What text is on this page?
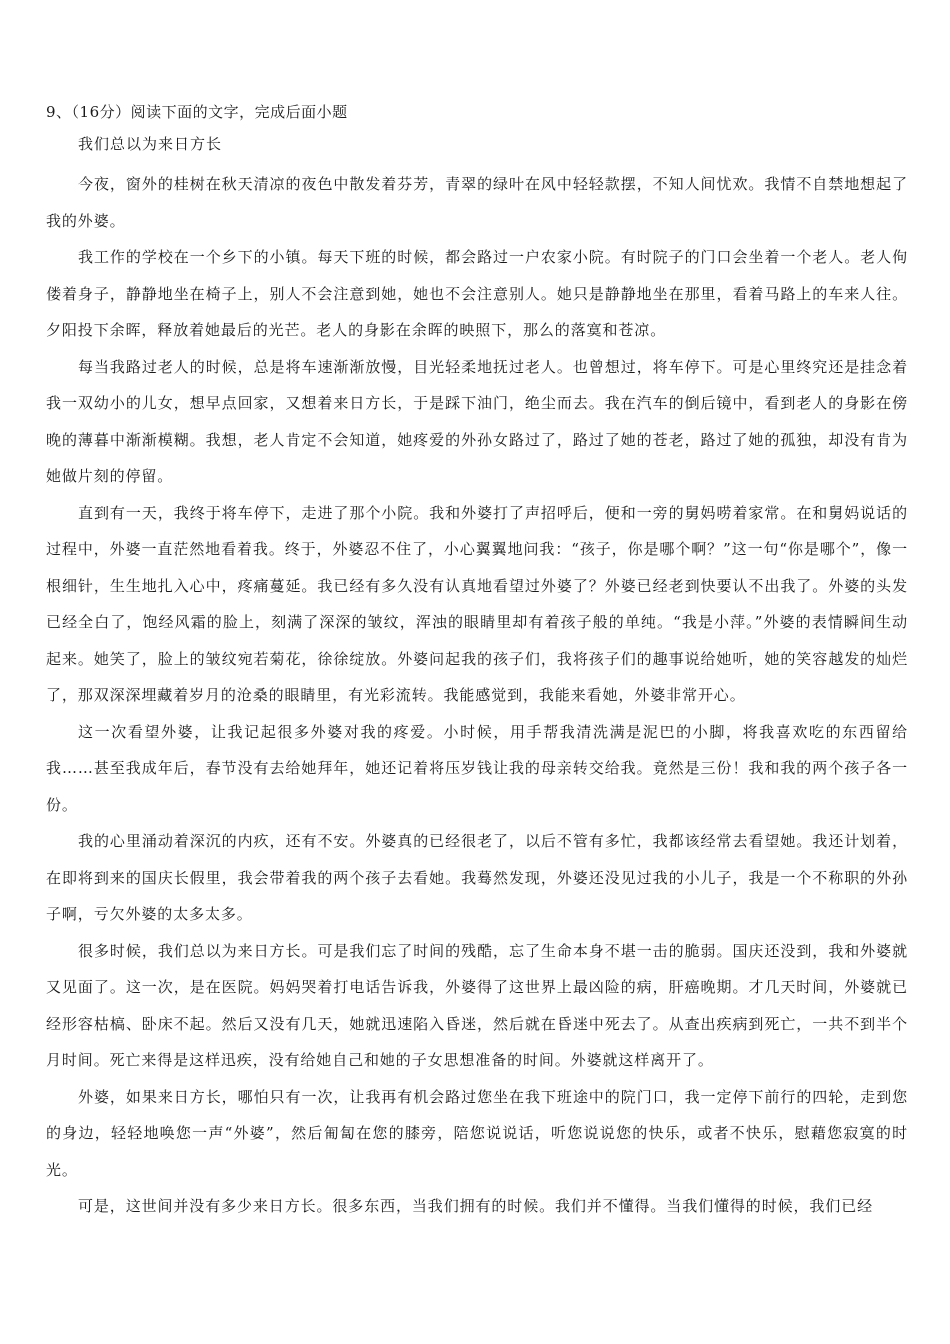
9、（16分）阅读下面的文字，完成后面小题
我们总以为来日方长

今夜，窗外的桂树在秋天清凉的夜色中散发着芬芳，青翠的绿叶在风中轻轻款摆，不知人间忧欢。我情不自禁地想起了我的外婆。

我工作的学校在一个乡下的小镇。每天下班的时候，都会路过一户农家小院。有时院子的门口会坐着一个老人。老人佝偻着身子，静静地坐在椅子上，别人不会注意到她，她也不会注意别人。她只是静静地坐在那里，看着马路上的车来人往。夕阳投下余晖，释放着她最后的光芒。老人的身影在余晖的映照下，那么的落寞和苍凉。

每当我路过老人的时候，总是将车速渐渐放慢，目光轻柔地抚过老人。也曾想过，将车停下。可是心里终究还是挂念着我一双幼小的儿女，想早点回家，又想着来日方长，于是踩下油门，绝尘而去。我在汽车的倒后镜中，看到老人的身影在傍晚的薄暮中渐渐模糊。我想，老人肯定不会知道，她疼爱的外孙女路过了，路过了她的苍老，路过了她的孤独，却没有肯为她做片刻的停留。

直到有一天，我终于将车停下，走进了那个小院。我和外婆打了声招呼后，便和一旁的舅妈唠着家常。在和舅妈说话的过程中，外婆一直茫然地看着我。终于，外婆忍不住了，小心翼翼地问我：“孩子，你是哪个啊？”这一句“你是哪个”，像一根细针，生生地扎入心中，疼痛蔓延。我已经有多久没有认真地看望过外婆了？外婆已经老到快要认不出我了。外婆的头发已经全白了，饱经风霜的脸上，刻满了深深的皱纹，浑浊的眼睛里却有着孩子般的单纯。“我是小萍。”外婆的表情瞬间生动起来。她笑了，脸上的皱纹宛若菊花，徐徐绽放。外婆问起我的孩子们，我将孩子们的趣事说给她听，她的笑容越发的灿烂了，那双深深埋藏着岁月的沧桑的眼睛里，有光彩流转。我能感觉到，我能来看她，外婆非常开心。

这一次看望外婆，让我记起很多外婆对我的疼爱。小时候，用手帮我清洗满是泥巴的小脚，将我喜欢吃的东西留给我……甚至我成年后，春节没有去给她拜年，她还记着将压岁钱让我的母亲转交给我。竟然是三份！我和我的两个孩子各一份。

我的心里涌动着深沉的内疚，还有不安。外婆真的已经很老了，以后不管有多忙，我都该经常去看望她。我还计划着，在即将到来的国庆长假里，我会带着我的两个孩子去看她。我蓦然发现，外婆还没见过我的小儿子，我是一个不称职的外孙子啊，亏欠外婆的太多太多。

很多时候，我们总以为来日方长。可是我们忘了时间的残酷，忘了生命本身不堪一击的脆弱。国庆还没到，我和外婆就又见面了。这一次，是在医院。妈妈哭着打电话告诉我，外婆得了这世界上最凶险的病，肝癌晚期。才几天时间，外婆就已经形容枯槁、卧床不起。然后又没有几天，她就迅速陷入昏迷，然后就在昏迷中死去了。从查出疾病到死亡，一共不到半个月时间。死亡来得是这样迅疾，没有给她自己和她的子女思想准备的时间。外婆就这样离开了。

外婆，如果来日方长，哪怕只有一次，让我再有机会路过您坐在我下班途中的院门口，我一定停下前行的四轮，走到您的身边，轻轻地唤您一声“外婆”，然后匍匐在您的膝旁，陪您说说话，听您说说您的快乐，或者不快乐，慰藉您寂寞的时光。

可是，这世间并没有多少来日方长。很多东西，当我们拥有的时候。我们并不懂得。当我们懂得的时候，我们已经
